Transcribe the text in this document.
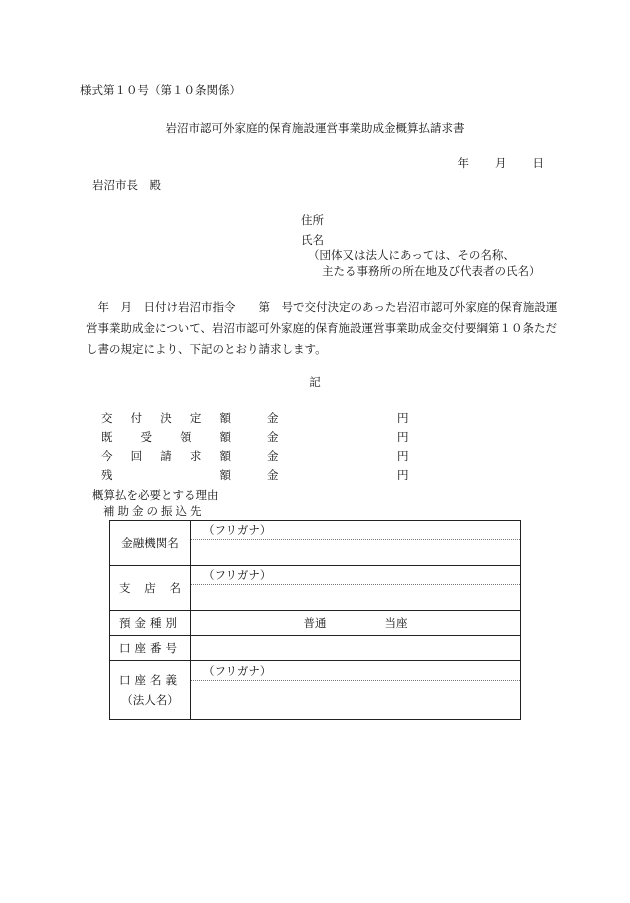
様式第１０号（第１０条関係）
岩沼市認可外家庭的保育施設運営事業助成金概算払請求書
年 月 日
岩沼市長　殿
住所
氏名
（団体又は法人にあっては、その名称、
主たる事務所の所在地及び代表者の氏名）
　年　月　日付け岩沼市指令　　第　号で交付決定のあった岩沼市認可外家庭的保育施設運営事業助成金について、岩沼市認可外家庭的保育施設運営事業助成金交付要綱第１０条ただし書の規定により、下記のとおり請求します。
記
交 付 決 定 額	金	円
既 受 領 額	金	円
今 回 請 求 額	金	円
残	額	金	円
概算払を必要とする理由
補助金の振込先
金融機関名	（フリガナ）

支 店 名	（フリガナ）

預金種別	普通 当座

口座番号	

口座名義
（法人名）	（フリガナ）
